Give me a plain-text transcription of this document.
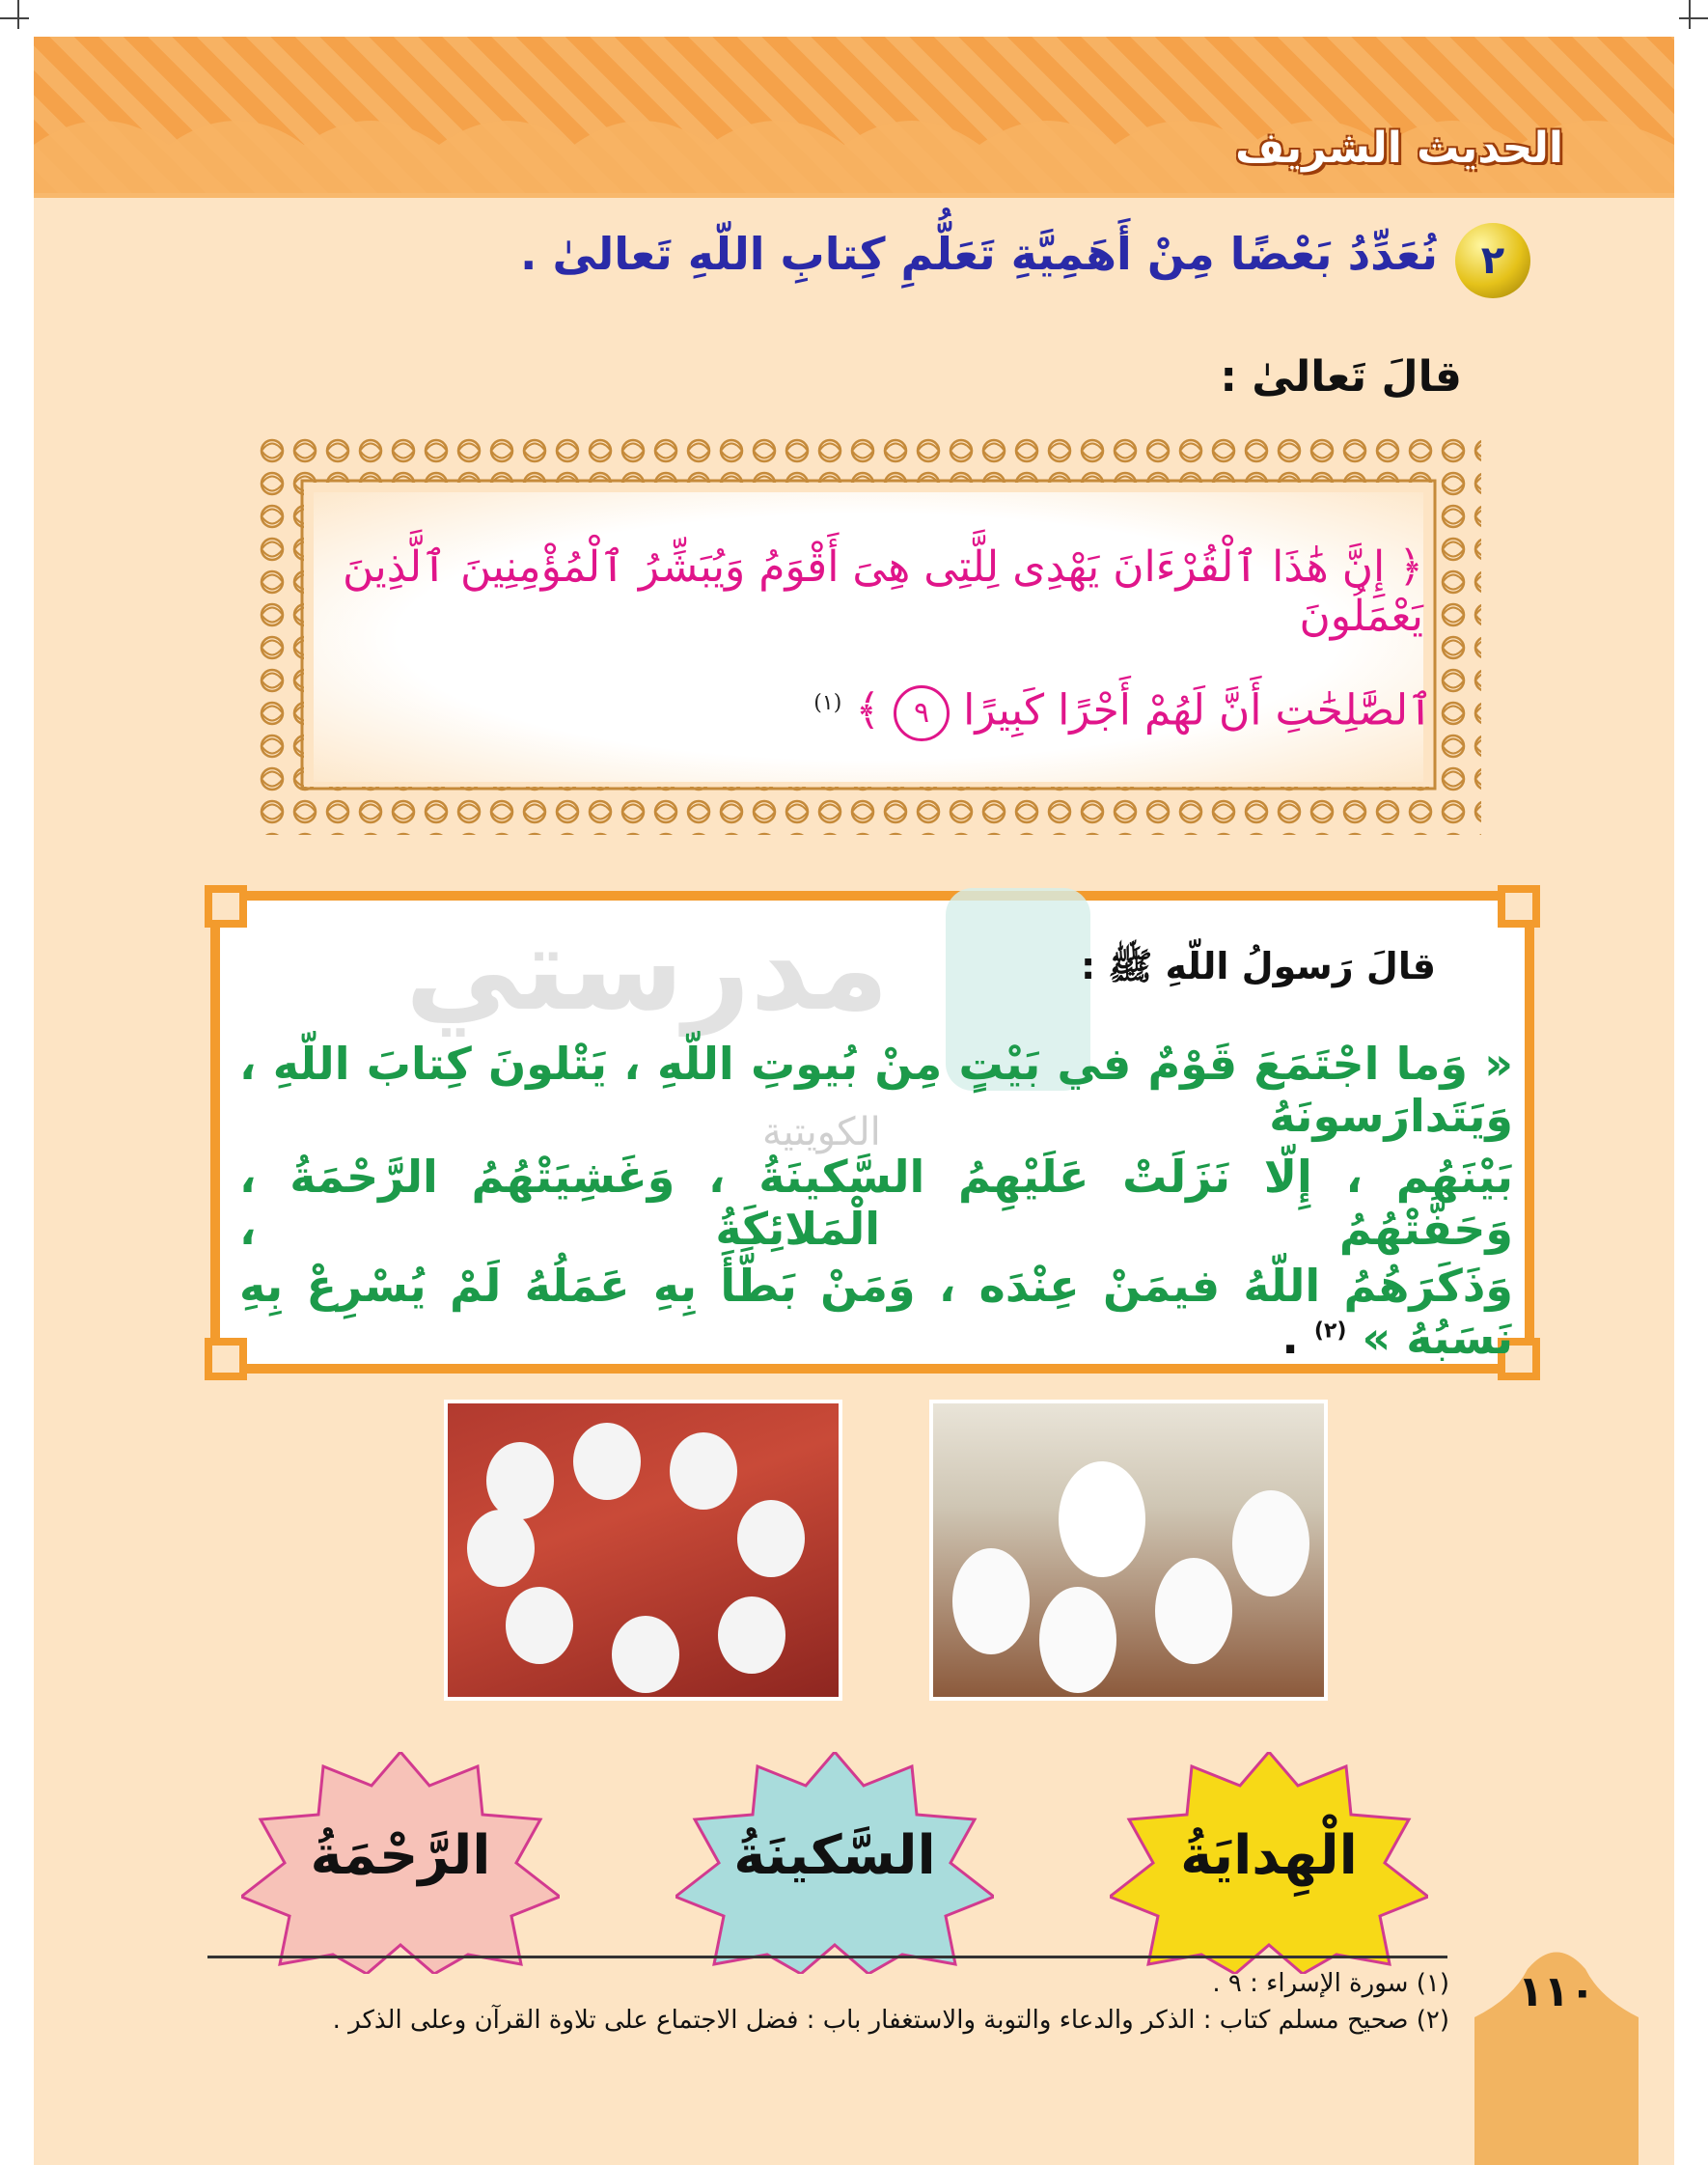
الحديث الشريف
٢
نُعَدِّدُ بَعْضًا مِنْ أَهَمِيَّةِ تَعَلُّمِ كِتابِ اللّهِ تَعالىٰ .
قالَ تَعالىٰ :
﴿ إِنَّ هَٰذَا ٱلْقُرْءَانَ يَهْدِى لِلَّتِى هِىَ أَقْوَمُ وَيُبَشِّرُ ٱلْمُؤْمِنِينَ ٱلَّذِينَ يَعْمَلُونَ
ٱلصَّٰلِحَٰتِ أَنَّ لَهُمْ أَجْرًا كَبِيرًا ٩ ﴾ $^{(١)}$
مدرستي
الكويتية
قالَ رَسولُ اللّهِ ﷺ :
« وَما اجْتَمَعَ قَوْمٌ في بَيْتٍ مِنْ بُيوتِ اللّهِ ، يَتْلونَ كِتابَ اللّهِ ، وَيَتَدارَسونَهُ
بَيْنَهُم ، إِلّا نَزَلَتْ عَلَيْهِمُ السَّكينَةُ ، وَغَشِيَتْهُمُ الرَّحْمَةُ ، وَحَفَّتْهُمُ الْمَلائِكَةُ ،
وَذَكَرَهُمُ اللّهُ فيمَنْ عِنْدَه ، وَمَنْ بَطَّأَ بِهِ عَمَلُهُ لَمْ يُسْرِعْ بِهِ نَسَبُهُ » $^{(٢)}$ .
الْهِدايَةُ
السَّكينَةُ
الرَّحْمَةُ
١١٠
(١) سورة الإسراء : ٩ .
(٢) صحيح مسلم كتاب : الذكر والدعاء والتوبة والاستغفار باب : فضل الاجتماع على تلاوة القرآن وعلى الذكر .
